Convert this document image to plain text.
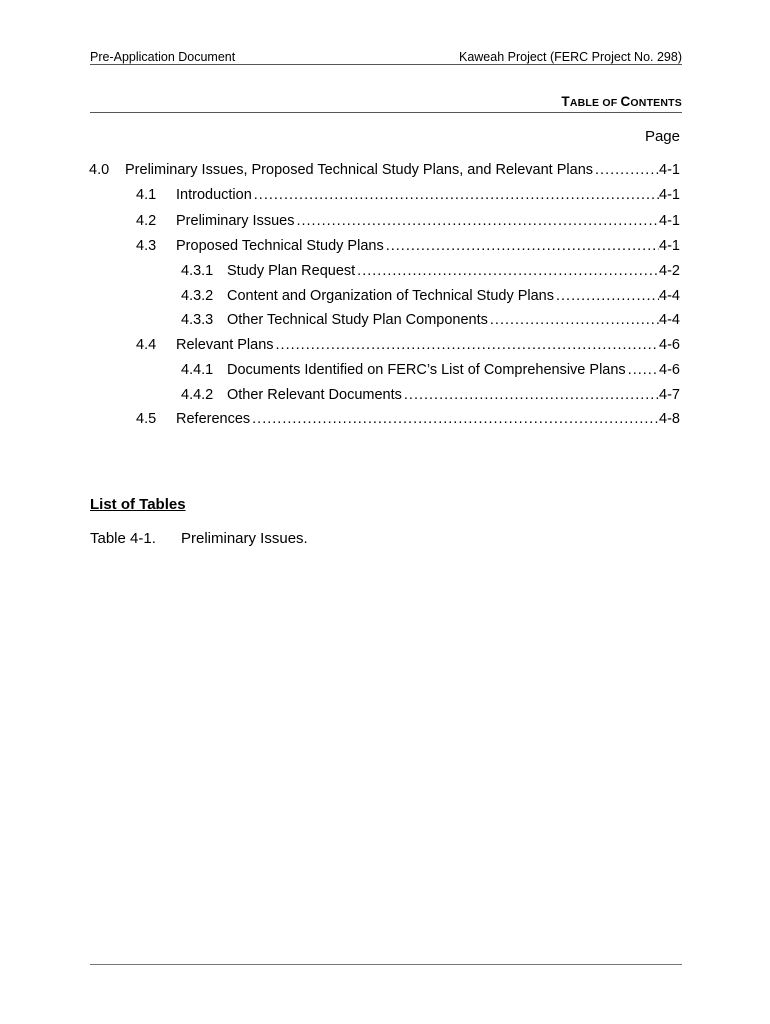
Pre-Application Document	Kaweah Project (FERC Project No. 298)
TABLE OF CONTENTS
Page
4.0	Preliminary Issues, Proposed Technical Study Plans, and Relevant Plans .....	4-1
4.1	Introduction .....	4-1
4.2	Preliminary Issues .....	4-1
4.3	Proposed Technical Study Plans .....	4-1
4.3.1 Study Plan Request .....	4-2
4.3.2 Content and Organization of Technical Study Plans .....	4-4
4.3.3 Other Technical Study Plan Components .....	4-4
4.4	Relevant Plans .....	4-6
4.4.1 Documents Identified on FERC’s List of Comprehensive Plans ..... 4-6
4.4.2 Other Relevant Documents .....	4-7
4.5	References .....	4-8
List of Tables
Table 4-1.	Preliminary Issues.
